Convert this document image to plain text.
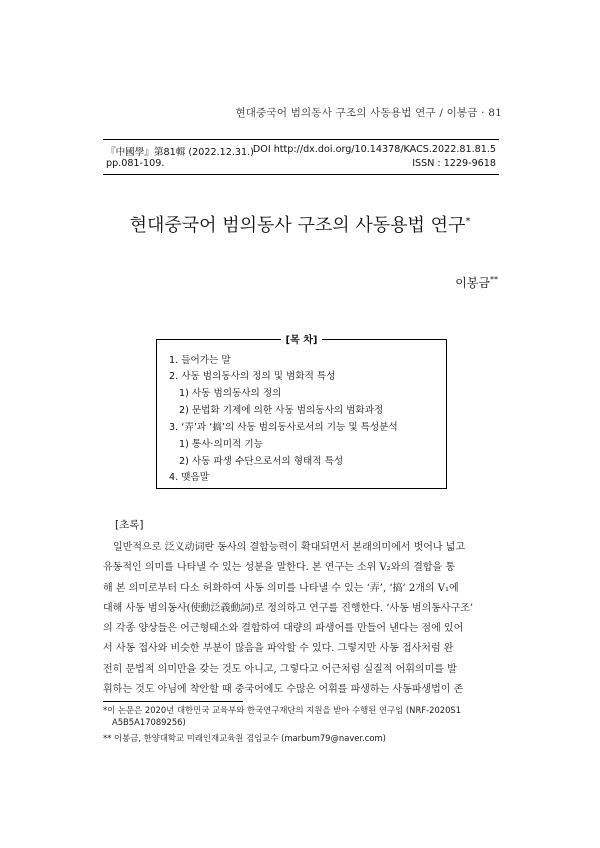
현대중국어 범의동사 구조의 사동용법 연구 / 이봉금 · 81
『中國學』第81輯 (2022.12.31.)
DOI http://dx.doi.org/10.14378/KACS.2022.81.81.5
pp.081-109.	ISSN : 1229-9618
현대중국어 범의동사 구조의 사동용법 연구*
이봉금**
[목 차]
1. 들어가는 말
2. 사동 범의동사의 정의 및 범화적 특성
1) 사동 범의동사의 정의
2) 문법화 기제에 의한 사동 범의동사의 범화과정
3. ‘弄’과 ‘搞’의 사동 범의동사로서의 기능 및 특성분석
1) 통사·의미적 기능
2) 사동 파생 수단으로서의 형태적 특성
4. 맺음말
[초록]
일반적으로 泛义动词란 동사의 결합능력이 확대되면서 본래의미에서 벗어나 넓고
유동적인 의미를 나타낼 수 있는 성분을 말한다. 본 연구는 소위 V₂와의 결합을 통
해 본 의미로부터 다소 허화하여 사동 의미를 나타낼 수 있는 ‘弄’, ‘搞’ 2개의 V₁에
대해 사동 범의동사(使動泛義動詞)로 정의하고 연구를 진행한다. ‘사동 범의동사구조’
의 각종 양상들은 어근형태소와 결합하여 대량의 파생어를 만들어 낸다는 점에 있어
서 사동 접사와 비슷한 부분이 많음을 파악할 수 있다. 그렇지만 사동 접사처럼 완
전히 문법적 의미만을 갖는 것도 아니고, 그렇다고 어근처럼 실질적 어휘의미를 발
휘하는 것도 아님에 착안할 때 중국어에도 수많은 어휘를 파생하는 사동파생법이 존
*이 논문은 2020년 대한민국 교육부와 한국연구재단의 지원을 받아 수행된 연구임 (NRF-2020S1
A5B5A17089256)
** 이봉금, 한양대학교 미래인재교육원 겸임교수 (marbum79@naver.com)
